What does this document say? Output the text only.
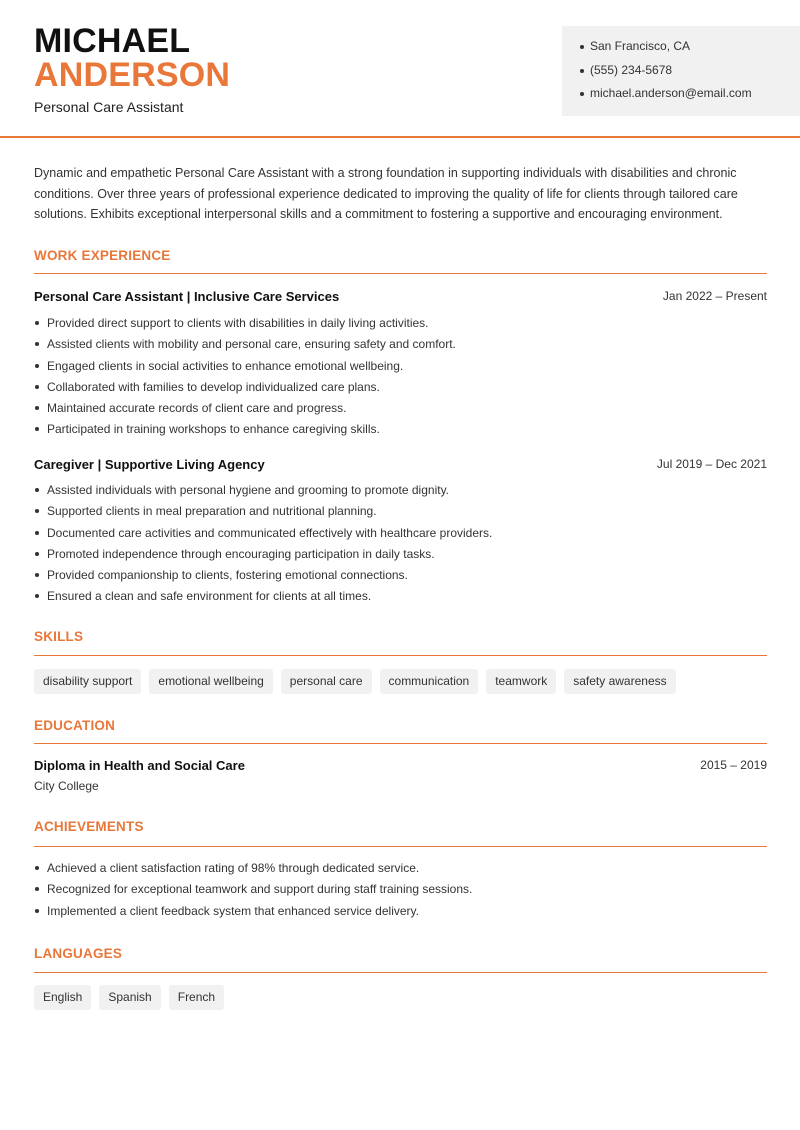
MICHAEL
ANDERSON
Personal Care Assistant
San Francisco, CA
(555) 234-5678
michael.anderson@email.com

Dynamic and empathetic Personal Care Assistant with a strong foundation in supporting individuals with disabilities and chronic conditions. Over three years of professional experience dedicated to improving the quality of life for clients through tailored care solutions. Exhibits exceptional interpersonal skills and a commitment to fostering a supportive and encouraging environment.

WORK EXPERIENCE
Personal Care Assistant | Inclusive Care Services	Jan 2022 – Present
Provided direct support to clients with disabilities in daily living activities.
Assisted clients with mobility and personal care, ensuring safety and comfort.
Engaged clients in social activities to enhance emotional wellbeing.
Collaborated with families to develop individualized care plans.
Maintained accurate records of client care and progress.
Participated in training workshops to enhance caregiving skills.
Caregiver | Supportive Living Agency	Jul 2019 – Dec 2021
Assisted individuals with personal hygiene and grooming to promote dignity.
Supported clients in meal preparation and nutritional planning.
Documented care activities and communicated effectively with healthcare providers.
Promoted independence through encouraging participation in daily tasks.
Provided companionship to clients, fostering emotional connections.
Ensured a clean and safe environment for clients at all times.
SKILLS
disability support	emotional wellbeing	personal care	communication	teamwork	safety awareness
EDUCATION
Diploma in Health and Social Care	2015 – 2019
City College
ACHIEVEMENTS
Achieved a client satisfaction rating of 98% through dedicated service.
Recognized for exceptional teamwork and support during staff training sessions.
Implemented a client feedback system that enhanced service delivery.
LANGUAGES
English	Spanish	French
